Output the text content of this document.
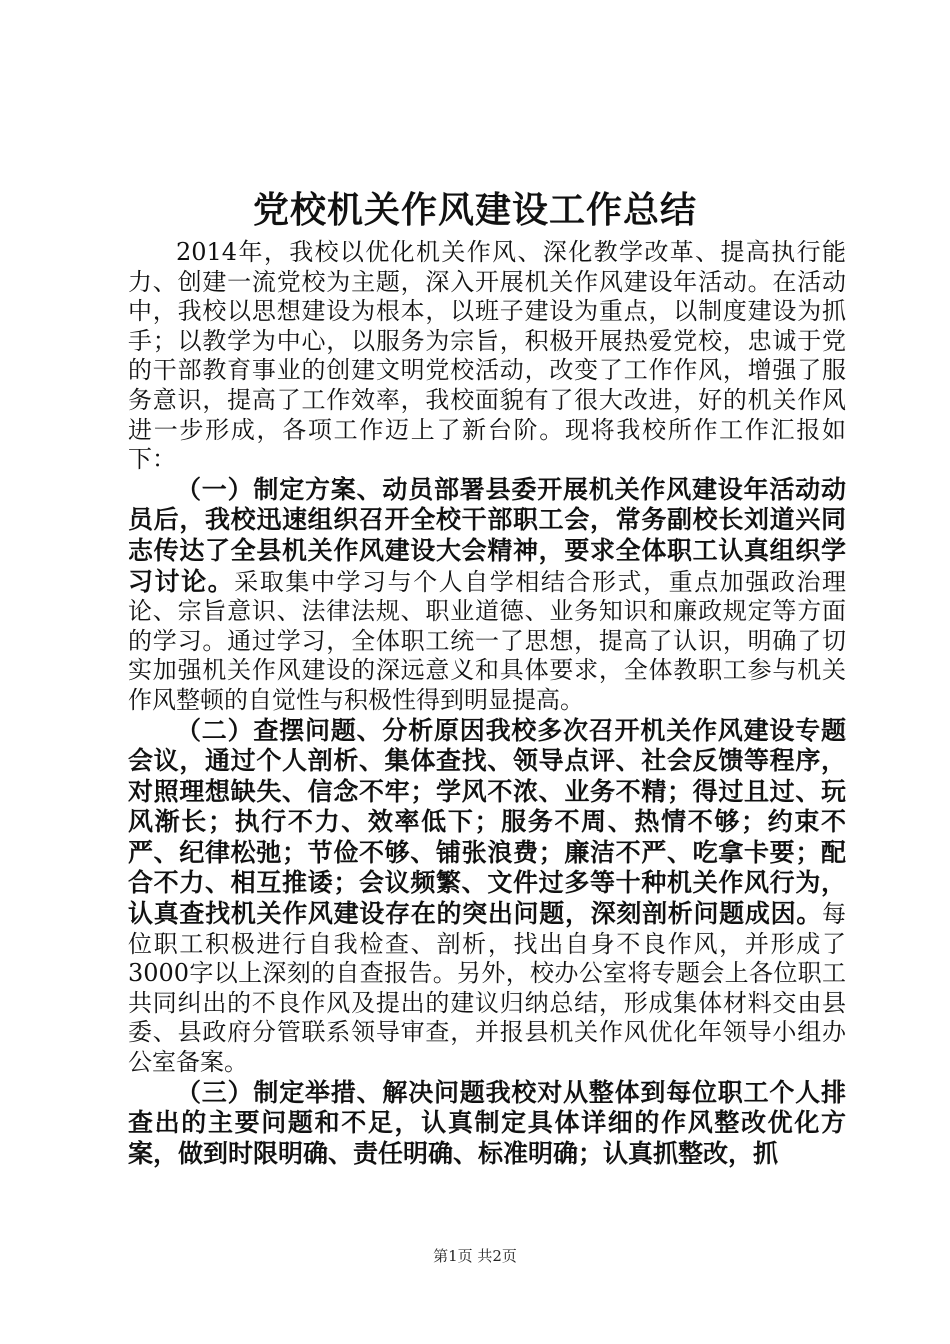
党校机关作风建设工作总结

2014年，我校以优化机关作风、深化教学改革、提高执行能力、创建一流党校为主题，深入开展机关作风建设年活动。在活动中，我校以思想建设为根本，以班子建设为重点，以制度建设为抓手；以教学为中心，以服务为宗旨，积极开展热爱党校，忠诚于党的干部教育事业的创建文明党校活动，改变了工作作风，增强了服务意识，提高了工作效率，我校面貌有了很大改进，好的机关作风进一步形成，各项工作迈上了新台阶。现将我校所作工作汇报如下：

（一）制定方案、动员部署县委开展机关作风建设年活动动员后，我校迅速组织召开全校干部职工会，常务副校长刘道兴同志传达了全县机关作风建设大会精神，要求全体职工认真组织学习讨论。采取集中学习与个人自学相结合形式，重点加强政治理论、宗旨意识、法律法规、职业道德、业务知识和廉政规定等方面的学习。通过学习，全体职工统一了思想，提高了认识，明确了切实加强机关作风建设的深远意义和具体要求，全体教职工参与机关作风整顿的自觉性与积极性得到明显提高。

（二）查摆问题、分析原因我校多次召开机关作风建设专题会议，通过个人剖析、集体查找、领导点评、社会反馈等程序，对照理想缺失、信念不牢；学风不浓、业务不精；得过且过、玩风渐长；执行不力、效率低下；服务不周、热情不够；约束不严、纪律松弛；节俭不够、铺张浪费；廉洁不严、吃拿卡要；配合不力、相互推诿；会议频繁、文件过多等十种机关作风行为，认真查找机关作风建设存在的突出问题，深刻剖析问题成因。每位职工积极进行自我检查、剖析，找出自身不良作风，并形成了3000字以上深刻的自查报告。另外，校办公室将专题会上各位职工共同纠出的不良作风及提出的建议归纳总结，形成集体材料交由县委、县政府分管联系领导审查，并报县机关作风优化年领导小组办公室备案。

（三）制定举措、解决问题我校对从整体到每位职工个人排查出的主要问题和不足，认真制定具体详细的作风整改优化方案，做到时限明确、责任明确、标准明确；认真抓整改，抓

第1页 共2页
